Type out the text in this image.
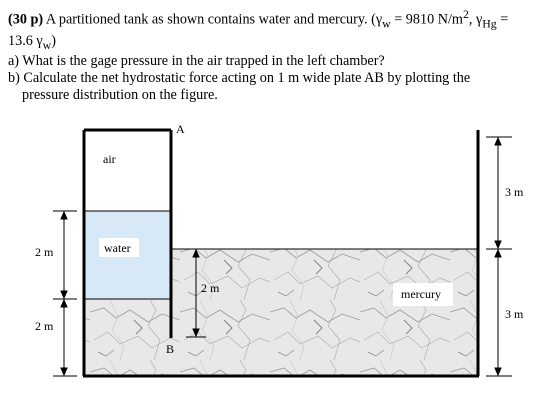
(30 p) A partitioned tank as shown contains water and mercury. ($\gamma_w = 9810$ $N/m^2$, $\gamma_{Hg}$ =

13.6 $\gamma_w$)

a) What is the gage pressure in the air trapped in the left chamber?

b) Calculate the net hydrostatic force acting on 1 m wide plate AB by plotting the

pressure distribution on the figure.

A
B
air
water
mercury
2 m
2 m
2 m
3 m
3 m
